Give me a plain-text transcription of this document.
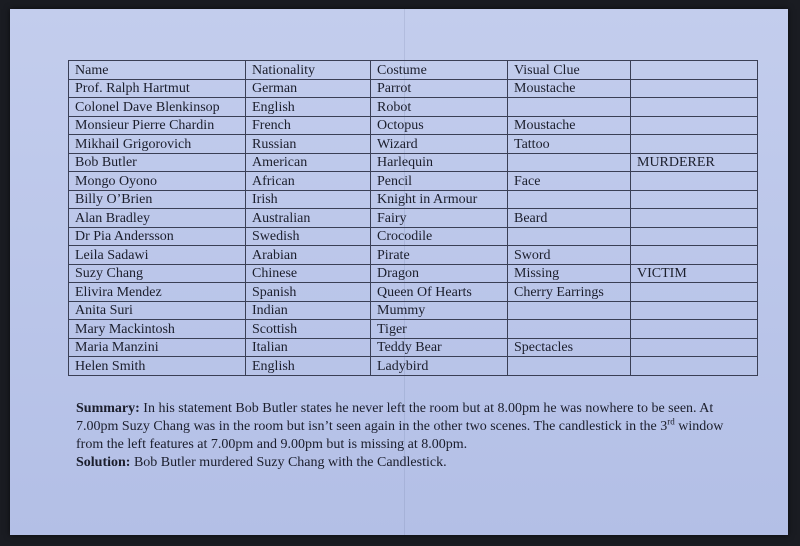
Name	Nationality	Costume	Visual Clue	
Prof. Ralph Hartmut	German	Parrot	Moustache	
Colonel Dave Blenkinsop	English	Robot		
Monsieur Pierre Chardin	French	Octopus	Moustache	
Mikhail Grigorovich	Russian	Wizard	Tattoo	
Bob Butler	American	Harlequin		MURDERER
Mongo Oyono	African	Pencil	Face	
Billy O’Brien	Irish	Knight in Armour		
Alan Bradley	Australian	Fairy	Beard	
Dr Pia Andersson	Swedish	Crocodile		
Leila Sadawi	Arabian	Pirate	Sword	
Suzy Chang	Chinese	Dragon	Missing	VICTIM
Elivira Mendez	Spanish	Queen Of Hearts	Cherry Earrings	
Anita Suri	Indian	Mummy		
Mary Mackintosh	Scottish	Tiger		
Maria Manzini	Italian	Teddy Bear	Spectacles	
Helen Smith	English	Ladybird		

Summary: In his statement Bob Butler states he never left the room but at 8.00pm he was nowhere to be seen. At 7.00pm Suzy Chang was in the room but isn’t seen again in the other two scenes. The candlestick in the 3rd window from the left features at 7.00pm and 9.00pm but is missing at 8.00pm.

Solution: Bob Butler murdered Suzy Chang with the Candlestick.
